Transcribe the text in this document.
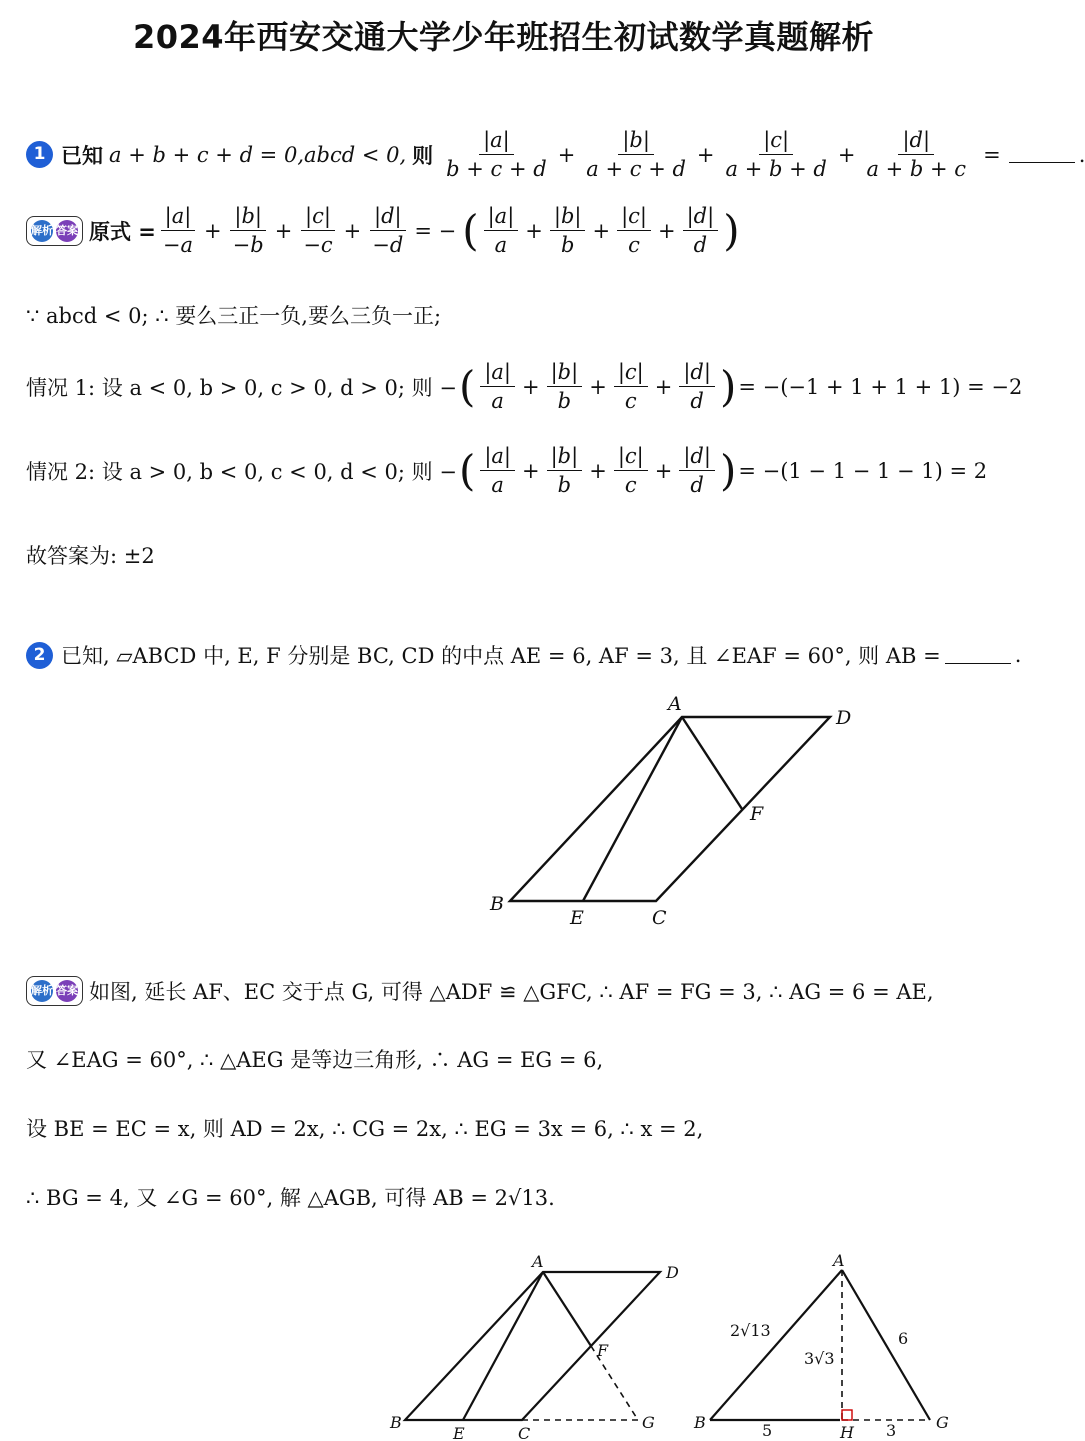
2024年西安交通大学少年班招生初试数学真题解析
1 已知 a + b + c + d = 0,abcd < 0, 则 $\frac{|a|}{b + c + d} + \frac{|b|}{a + c + d} + \frac{|c|}{a + b + d} + \frac{|d|}{a + b + c}$ =	.
解析 答案 原式 = $\frac{|a|}{-a} + \frac{|b|}{-b} + \frac{|c|}{-c} + \frac{|d|}{-d}$ = − ( $\frac{|a|}{a} + \frac{|b|}{b} + \frac{|c|}{c} + \frac{|d|}{d}$ )
∵ abcd < 0; ∴ 要么三正一负,要么三负一正;
情况 1: 设 a < 0, b > 0, c > 0, d > 0; 则 − ( $\frac{|a|}{a} + \frac{|b|}{b} + \frac{|c|}{c} + \frac{|d|}{d}$ ) = −(−1 + 1 + 1 + 1) = −2
情况 2: 设 a > 0, b < 0, c < 0, d < 0; 则 − ( $\frac{|a|}{a} + \frac{|b|}{b} + \frac{|c|}{c} + \frac{|d|}{d}$ ) = −(1 − 1 − 1 − 1) = 2
故答案为: ±2
2 已知, ▱ABCD 中, E, F 分别是 BC, CD 的中点 AE = 6, AF = 3, 且 ∠EAF = 60°, 则 AB =	.
A
D
F
B
E	C
解析 答案 如图, 延长 AF、EC 交于点 G, 可得 △ADF ≌ △GFC, ∴ AF = FG = 3, ∴ AG = 6 = AE,
又 ∠EAG = 60°, ∴ △AEG 是等边三角形, ∴ AG = EG = 6,
设 BE = EC = x, 则 AD = 2x, ∴ CG = 2x, ∴ EG = 3x = 6, ∴ x = 2,
∴ BG = 4, 又 ∠G = 60°, 解 △AGB, 可得 AB = 2√13.
A
D
F
B
E	C
G
A
B
H
G
2√13
3√3
6
5	3
